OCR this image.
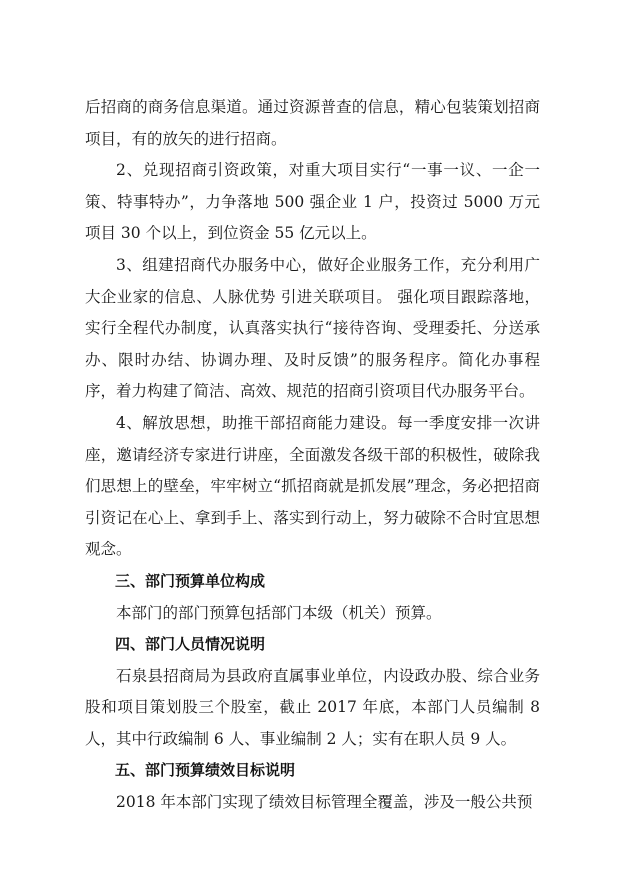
后招商的商务信息渠道。通过资源普查的信息，精心包装策划招商项目，有的放矢的进行招商。

2、兑现招商引资政策，对重大项目实行“一事一议、一企一策、特事特办”，力争落地 500 强企业 1 户，投资过 5000 万元项目 30 个以上，到位资金 55 亿元以上。

3、组建招商代办服务中心，做好企业服务工作，充分利用广大企业家的信息、人脉优势 引进关联项目。 强化项目跟踪落地，实行全程代办制度，认真落实执行“接待咨询、受理委托、分送承办、限时办结、协调办理、及时反馈”的服务程序。简化办事程序，着力构建了简洁、高效、规范的招商引资项目代办服务平台。

4、解放思想，助推干部招商能力建设。每一季度安排一次讲座，邀请经济专家进行讲座，全面激发各级干部的积极性，破除我们思想上的壁垒，牢牢树立“抓招商就是抓发展”理念，务必把招商引资记在心上、拿到手上、落实到行动上，努力破除不合时宜思想观念。

三、部门预算单位构成

本部门的部门预算包括部门本级（机关）预算。

四、部门人员情况说明

石泉县招商局为县政府直属事业单位，内设政办股、综合业务股和项目策划股三个股室，截止 2017 年底，本部门人员编制 8 人，其中行政编制 6 人、事业编制 2 人；实有在职人员 9 人。

五、部门预算绩效目标说明

2018 年本部门实现了绩效目标管理全覆盖，涉及一般公共预
